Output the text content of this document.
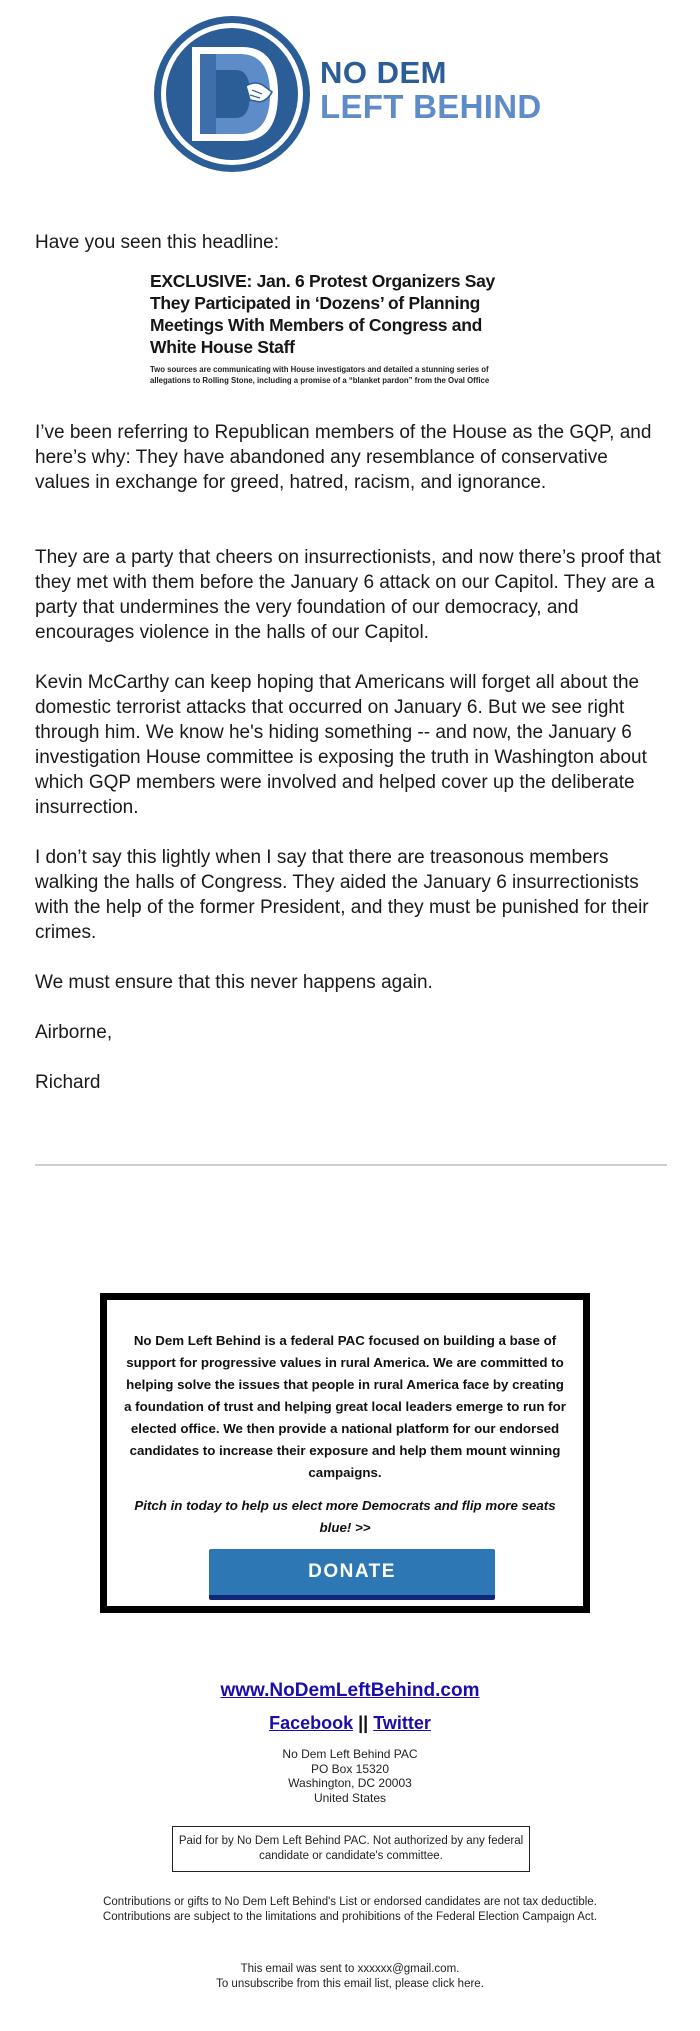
NO DEM
LEFT BEHIND

Have you seen this headline:

EXCLUSIVE: Jan. 6 Protest Organizers Say
They Participated in ‘Dozens’ of Planning
Meetings With Members of Congress and
White House Staff
Two sources are communicating with House investigators and detailed a stunning series of
allegations to Rolling Stone, including a promise of a “blanket pardon” from the Oval Office

I’ve been referring to Republican members of the House as the GQP, and here’s why: They have abandoned any resemblance of conservative values in exchange for greed, hatred, racism, and ignorance.

They are a party that cheers on insurrectionists, and now there’s proof that they met with them before the January 6 attack on our Capitol. They are a party that undermines the very foundation of our democracy, and encourages violence in the halls of our Capitol.

Kevin McCarthy can keep hoping that Americans will forget all about the domestic terrorist attacks that occurred on January 6. But we see right through him. We know he's hiding something -- and now, the January 6 investigation House committee is exposing the truth in Washington about which GQP members were involved and helped cover up the deliberate insurrection.

I don’t say this lightly when I say that there are treasonous members walking the halls of Congress. They aided the January 6 insurrectionists with the help of the former President, and they must be punished for their crimes.

We must ensure that this never happens again.

Airborne,

Richard

No Dem Left Behind is a federal PAC focused on building a base of support for progressive values in rural America. We are committed to helping solve the issues that people in rural America face by creating a foundation of trust and helping great local leaders emerge to run for elected office. We then provide a national platform for our endorsed candidates to increase their exposure and help them mount winning campaigns.
Pitch in today to help us elect more Democrats and flip more seats blue! >>
DONATE
www.NoDemLeftBehind.com
Facebook || Twitter
No Dem Left Behind PAC
PO Box 15320
Washington, DC 20003
United States
Paid for by No Dem Left Behind PAC. Not authorized by any federal candidate or candidate's committee.
Contributions or gifts to No Dem Left Behind's List or endorsed candidates are not tax deductible.
Contributions are subject to the limitations and prohibitions of the Federal Election Campaign Act.
This email was sent to xxxxxx@gmail.com.
To unsubscribe from this email list, please click here.
